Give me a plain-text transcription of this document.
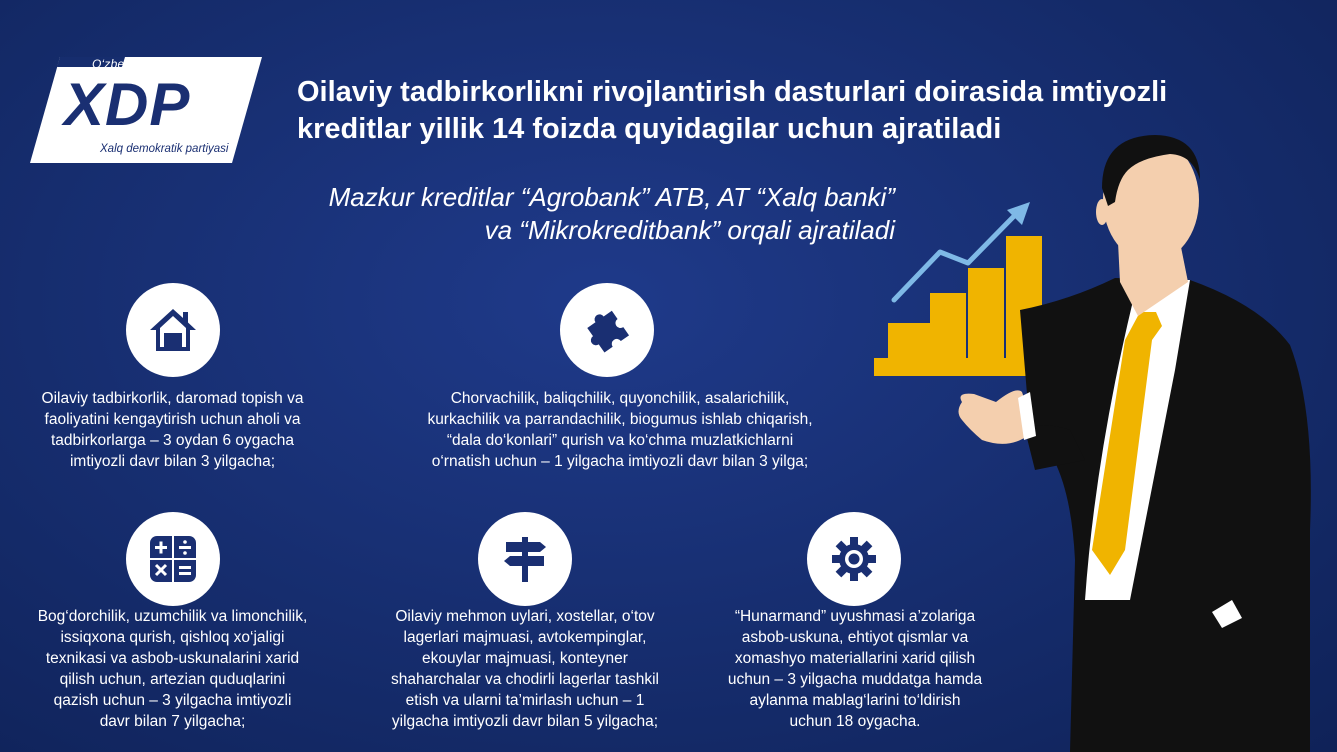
O‘zbekiston
XDP
Xalq demokratik partiyasi
Oilaviy tadbirkorlikni rivojlantirish dasturlari doirasida imtiyozli
kreditlar yillik 14 foizda quyidagilar uchun ajratiladi
Mazkur kreditlar “Agrobank” ATB, AT “Xalq banki”
va “Mikrokreditbank” orqali ajratiladi
Oilaviy tadbirkorlik, daromad topish va
faoliyatini kengaytirish uchun aholi va
tadbirkorlarga – 3 oydan 6 oygacha
imtiyozli davr bilan 3 yilgacha;
Chorvachilik, baliqchilik, quyonchilik, asalarichilik,
kurkachilik va parrandachilik, biogumus ishlab chiqarish,
“dala do‘konlari” qurish va ko‘chma muzlatkichlarni
o‘rnatish uchun – 1 yilgacha imtiyozli davr bilan 3 yilga;
Bog‘dorchilik, uzumchilik va limonchilik,
issiqxona qurish, qishloq xo‘jaligi
texnikasi va asbob-uskunalarini xarid
qilish uchun, artezian quduqlarini
qazish uchun – 3 yilgacha imtiyozli
davr bilan 7 yilgacha;
Oilaviy mehmon uylari, xostellar, o‘tov
lagerlari majmuasi, avtokempinglar,
ekouylar majmuasi, konteyner
shaharchalar va chodirli lagerlar tashkil
etish va ularni ta’mirlash uchun – 1
yilgacha imtiyozli davr bilan 5 yilgacha;
“Hunarmand” uyushmasi a’zolariga
asbob-uskuna, ehtiyot qismlar va
xomashyo materiallarini xarid qilish
uchun – 3 yilgacha muddatga hamda
aylanma mablag‘larini to‘ldirish
uchun 18 oygacha.
